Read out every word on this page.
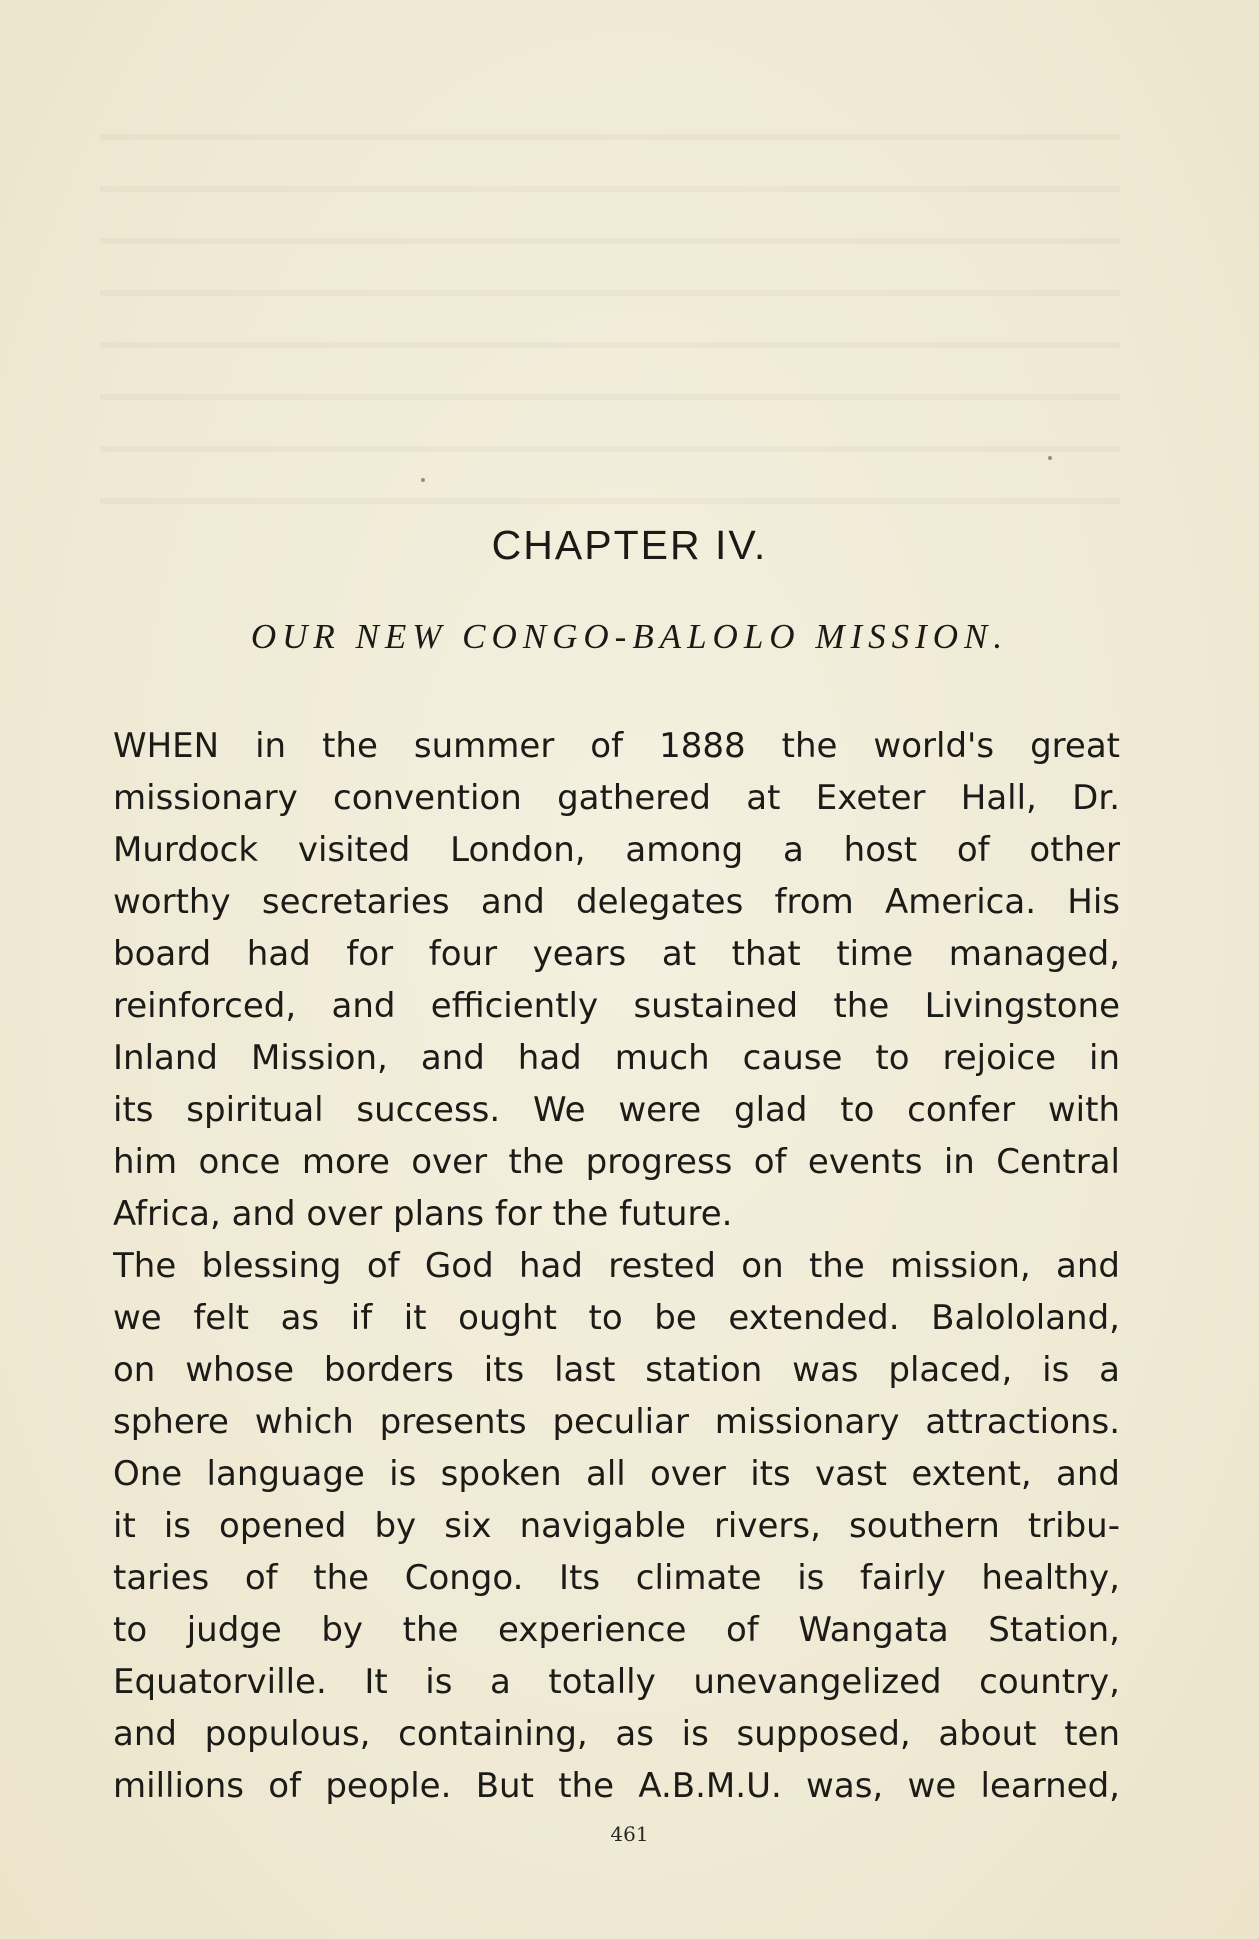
CHAPTER IV.
OUR NEW CONGO-BALOLO MISSION.
WHEN in the summer of 1888 the world's great
missionary convention gathered at Exeter Hall, Dr.
Murdock visited London, among a host of other
worthy secretaries and delegates from America. His
board had for four years at that time managed,
reinforced, and efficiently sustained the Livingstone
Inland Mission, and had much cause to rejoice in
its spiritual success. We were glad to confer with
him once more over the progress of events in Central
Africa, and over plans for the future.
The blessing of God had rested on the mission, and
we felt as if it ought to be extended. Balololand,
on whose borders its last station was placed, is a
sphere which presents peculiar missionary attractions.
One language is spoken all over its vast extent, and
it is opened by six navigable rivers, southern tribu-
taries of the Congo. Its climate is fairly healthy,
to judge by the experience of Wangata Station,
Equatorville. It is a totally unevangelized country,
and populous, containing, as is supposed, about ten
millions of people. But the A.B.M.U. was, we learned,
461
